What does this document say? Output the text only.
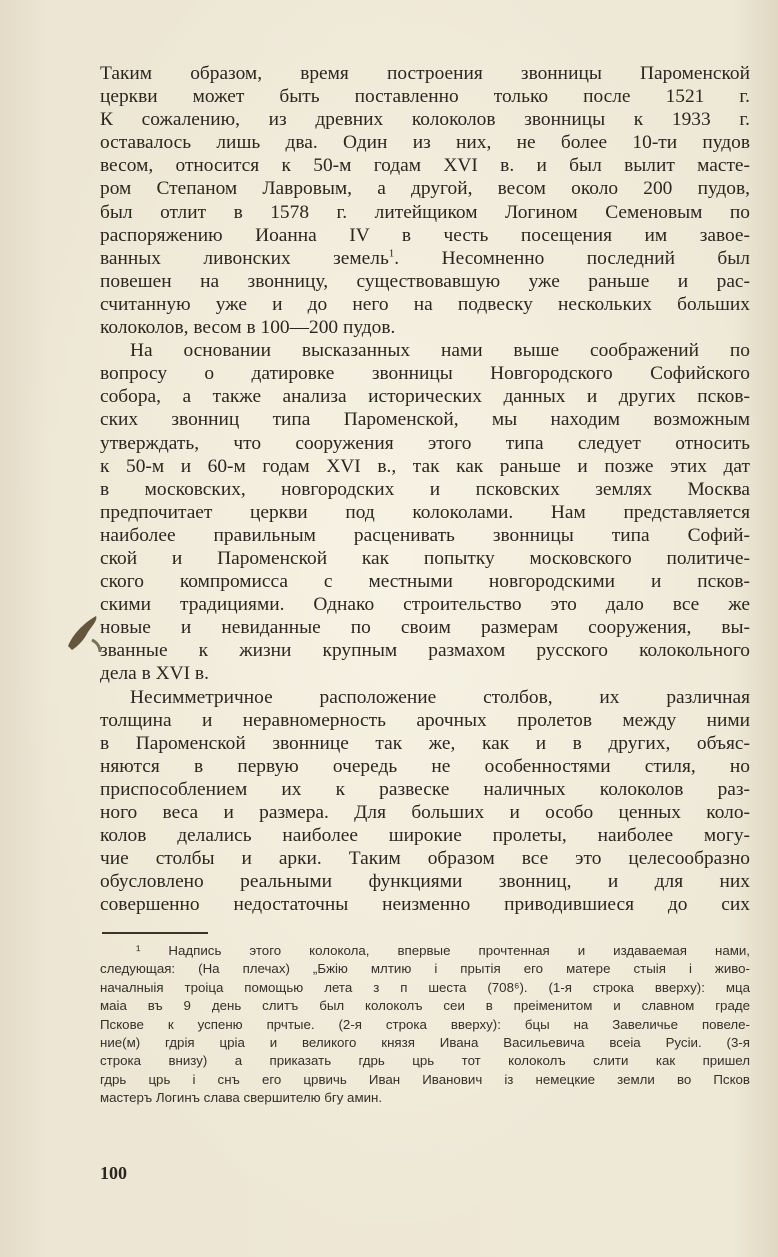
Таким образом, время построения звонницы Пароменской
церкви может быть поставленно только после 1521 г.
К сожалению, из древних колоколов звонницы к 1933 г.
оставалось лишь два. Один из них, не более 10-ти пудов
весом, относится к 50-м годам XVI в. и был вылит масте-
ром Степаном Лавровым, а другой, весом около 200 пудов,
был отлит в 1578 г. литейщиком Логином Семеновым по
распоряжению Иоанна IV в честь посещения им завое-
ванных ливонских земель$^1$. Несомненно последний был
повешен на звонницу, существовавшую уже раньше и рас-
считанную уже и до него на подвеску нескольких больших
колоколов, весом в 100—200 пудов.

На основании высказанных нами выше соображений по
вопросу о датировке звонницы Новгородского Софийского
собора, а также анализа исторических данных и других псков-
ских звонниц типа Пароменской, мы находим возможным
утверждать, что сооружения этого типа следует относить
к 50-м и 60-м годам XVI в., так как раньше и позже этих дат
в московских, новгородских и псковских землях Москва
предпочитает церкви под колоколами. Нам представляется
наиболее правильным расценивать звонницы типа Софий-
ской и Пароменской как попытку московского политиче-
ского компромисса с местными новгородскими и псков-
скими традициями. Однако строительство это дало все же
новые и невиданные по своим размерам сооружения, вы-
званные к жизни крупным размахом русского колокольного
дела в XVI в.

Несимметричное расположение столбов, их различная
толщина и неравномерность арочных пролетов между ними
в Пароменской звоннице так же, как и в других, объяс-
няются в первую очередь не особенностями стиля, но
приспособлением их к развеске наличных колоколов раз-
ного веса и размера. Для больших и особо ценных коло-
колов делались наиболее широкие пролеты, наиболее могу-
чие столбы и арки. Таким образом все это целесообразно
обусловлено реальными функциями звонниц, и для них
совершенно недостаточны неизменно приводившиеся до сих

¹ Надпись этого колокола, впервые прочтенная и издаваемая нами,
следующая: (На плечах) „Бжію млтию і прытія его матере стыія і живо-
началныія троіца помощью лета з п шеста (708⁶). (1-я строка вверху): мца
маіа въ 9 день слитъ был колоколъ сеи в преіменитом и славном граде
Пскове к успеню прчтые. (2-я строка вверху): бцы на Завеличье повеле-
ние(м) гдрія цріа и великого князя Ивана Васильевича всеіа Русіи. (3-я
строка внизу) а приказать гдрь црь тот колоколъ слити как пришел
гдрь црь і снъ его црвичь Иван Иванович із немецкие земли во Псков
мастеръ Логинъ слава свершителю бгу амин.
100
